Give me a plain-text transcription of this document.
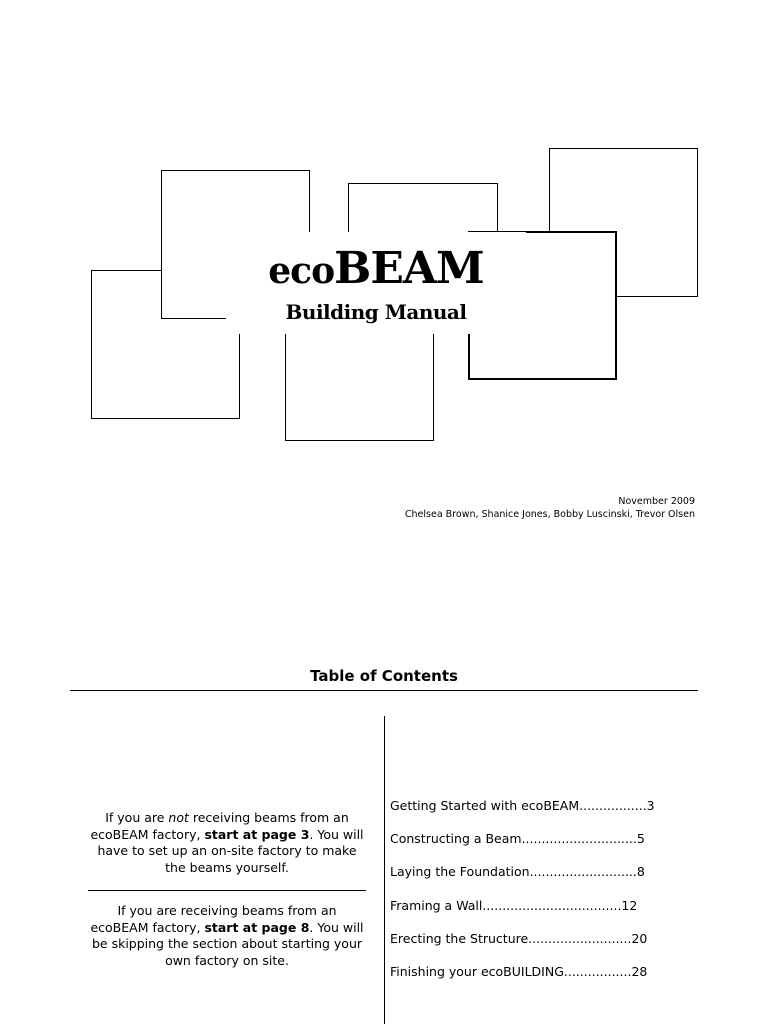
ecoBEAM
Building Manual
November 2009
Chelsea Brown, Shanice Jones, Bobby Luscinski, Trevor Olsen
Table of Contents
If you are not receiving beams from an ecoBEAM factory, start at page 3. You will have to set up an on-site factory to make the beams yourself.
If you are receiving beams from an ecoBEAM factory, start at page 8. You will be skipping the section about starting your own factory on site.
Getting Started with ecoBEAM.................3
Constructing a Beam.............................5
Laying the Foundation...........................8
Framing a Wall...................................12
Erecting the Structure..........................20
Finishing your ecoBUILDING.................28
